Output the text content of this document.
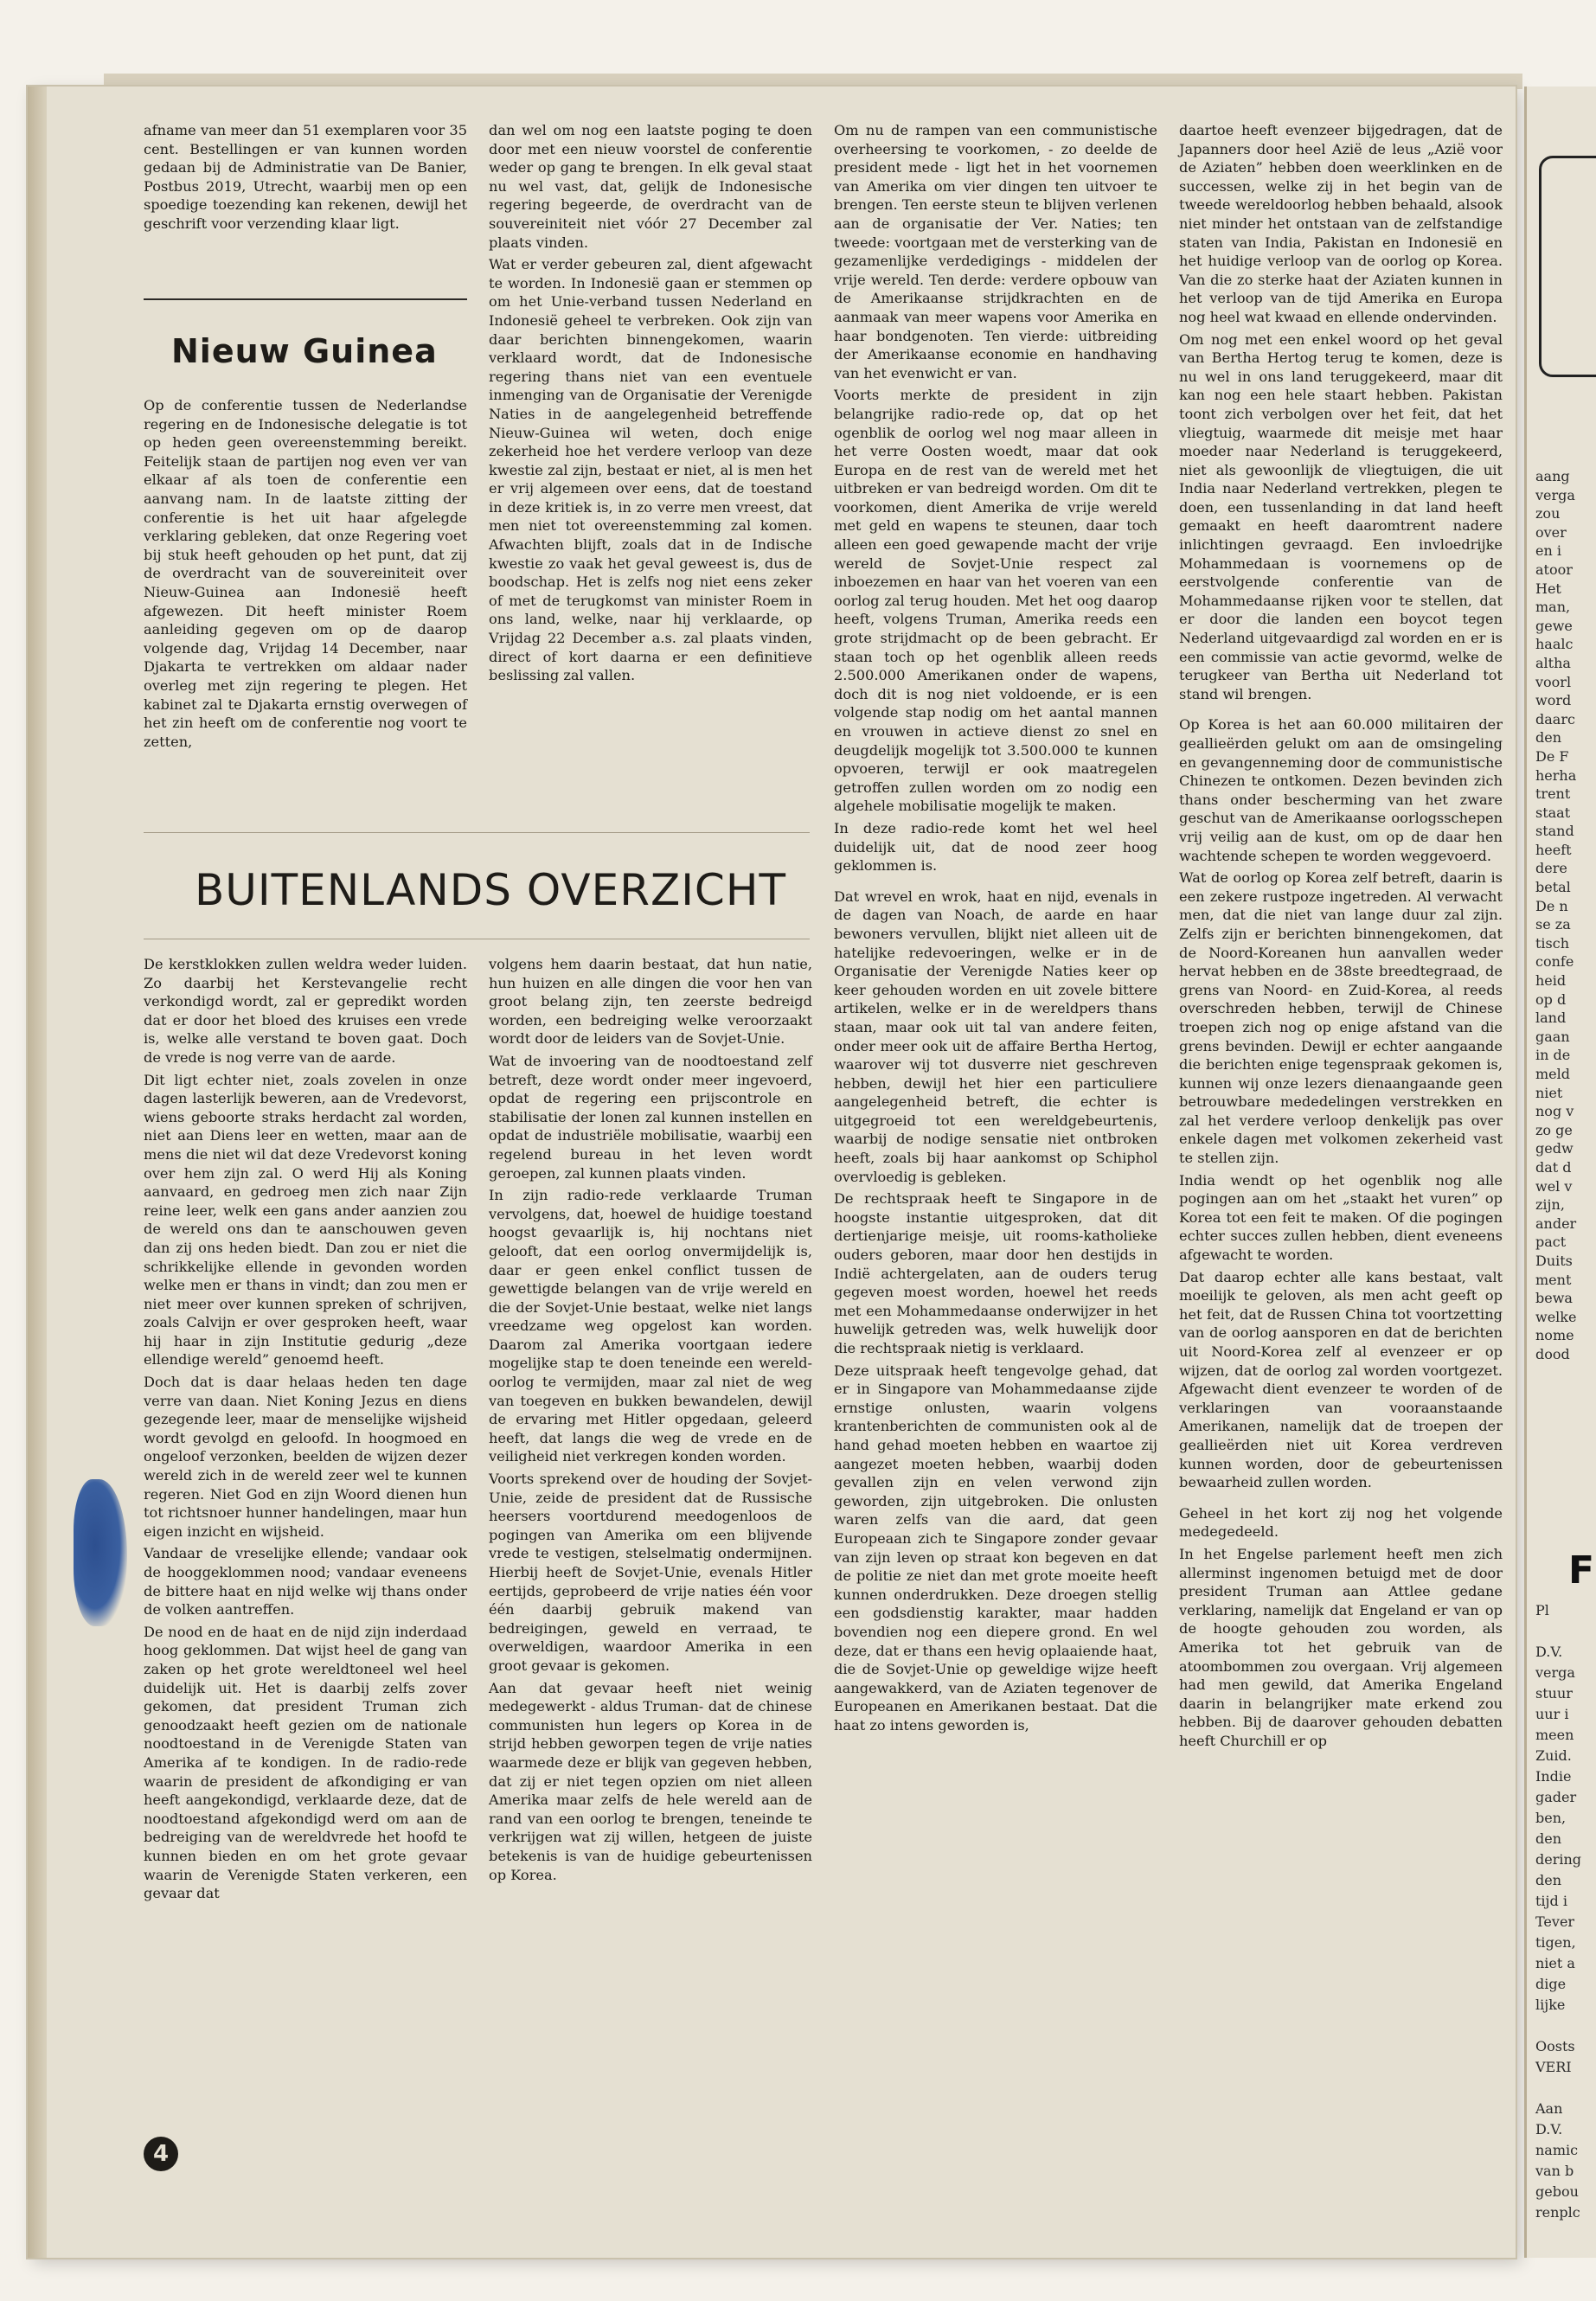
afname van meer dan 51 exemplaren voor 35 cent. Bestellingen er van kunnen worden gedaan bij de Administratie van De Banier, Postbus 2019, Utrecht, waarbij men op een spoedige toezending kan rekenen, dewijl het geschrift voor verzending klaar ligt.

Nieuw Guinea

Op de conferentie tussen de Nederlandse regering en de Indonesische delegatie is tot op heden geen overeenstemming bereikt. Feitelijk staan de partijen nog even ver van elkaar af als toen de conferentie een aanvang nam. In de laatste zitting der conferentie is het uit haar afgelegde verklaring gebleken, dat onze Regering voet bij stuk heeft gehouden op het punt, dat zij de overdracht van de souvereiniteit over Nieuw-Guinea aan Indonesië heeft afgewezen. Dit heeft minister Roem aanleiding gegeven om op de daarop volgende dag, Vrijdag 14 December, naar Djakarta te vertrekken om aldaar nader overleg met zijn regering te plegen. Het kabinet zal te Djakarta ernstig overwegen of het zin heeft om de conferentie nog voort te zetten,

dan wel om nog een laatste poging te doen door met een nieuw voorstel de conferentie weder op gang te brengen. In elk geval staat nu wel vast, dat, gelijk de Indonesische regering begeerde, de overdracht van de souvereiniteit niet vóór 27 December zal plaats vinden.

Wat er verder gebeuren zal, dient afgewacht te worden. In Indonesië gaan er stemmen op om het Unie-verband tussen Nederland en Indonesië geheel te verbreken. Ook zijn van daar berichten binnengekomen, waarin verklaard wordt, dat de Indonesische regering thans niet van een eventuele inmenging van de Organisatie der Verenigde Naties in de aangelegenheid betreffende Nieuw-Guinea wil weten, doch enige zekerheid hoe het verdere verloop van deze kwestie zal zijn, bestaat er niet, al is men het er vrij algemeen over eens, dat de toestand in deze kritiek is, in zo verre men vreest, dat men niet tot overeenstemming zal komen. Afwachten blijft, zoals dat in de Indische kwestie zo vaak het geval geweest is, dus de boodschap. Het is zelfs nog niet eens zeker of met de terugkomst van minister Roem in ons land, welke, naar hij verklaarde, op Vrijdag 22 December a.s. zal plaats vinden, direct of kort daarna er een definitieve beslissing zal vallen.

BUITENLANDS OVERZICHT

De kerstklokken zullen weldra weder luiden. Zo daarbij het Kerstevangelie recht verkondigd wordt, zal er gepredikt worden dat er door het bloed des kruises een vrede is, welke alle verstand te boven gaat. Doch de vrede is nog verre van de aarde.

Dit ligt echter niet, zoals zovelen in onze dagen lasterlijk beweren, aan de Vredevorst, wiens geboorte straks herdacht zal worden, niet aan Diens leer en wetten, maar aan de mens die niet wil dat deze Vredevorst koning over hem zijn zal. O werd Hij als Koning aanvaard, en gedroeg men zich naar Zijn reine leer, welk een gans ander aanzien zou de wereld ons dan te aanschouwen geven dan zij ons heden biedt. Dan zou er niet die schrikkelijke ellende in gevonden worden welke men er thans in vindt; dan zou men er niet meer over kunnen spreken of schrijven, zoals Calvijn er over gesproken heeft, waar hij haar in zijn Institutie gedurig „deze ellendige wereld” genoemd heeft.

Doch dat is daar helaas heden ten dage verre van daan. Niet Koning Jezus en diens gezegende leer, maar de menselijke wijsheid wordt gevolgd en geloofd. In hoogmoed en ongeloof verzonken, beelden de wijzen dezer wereld zich in de wereld zeer wel te kunnen regeren. Niet God en zijn Woord dienen hun tot richtsnoer hunner handelingen, maar hun eigen inzicht en wijsheid.

Vandaar de vreselijke ellende; vandaar ook de hooggeklommen nood; vandaar eveneens de bittere haat en nijd welke wij thans onder de volken aantreffen.

De nood en de haat en de nijd zijn inderdaad hoog geklommen. Dat wijst heel de gang van zaken op het grote wereldtoneel wel heel duidelijk uit. Het is daarbij zelfs zover gekomen, dat president Truman zich genoodzaakt heeft gezien om de nationale noodtoestand in de Verenigde Staten van Amerika af te kondigen. In de radio-rede waarin de president de afkondiging er van heeft aangekondigd, verklaarde deze, dat de noodtoestand afgekondigd werd om aan de bedreiging van de wereldvrede het hoofd te kunnen bieden en om het grote gevaar waarin de Verenigde Staten verkeren, een gevaar dat

volgens hem daarin bestaat, dat hun natie, hun huizen en alle dingen die voor hen van groot belang zijn, ten zeerste bedreigd worden, een bedreiging welke veroorzaakt wordt door de leiders van de Sovjet-Unie.

Wat de invoering van de noodtoestand zelf betreft, deze wordt onder meer ingevoerd, opdat de regering een prijscontrole en stabilisatie der lonen zal kunnen instellen en opdat de industriële mobilisatie, waarbij een regelend bureau in het leven wordt geroepen, zal kunnen plaats vinden.

In zijn radio-rede verklaarde Truman vervolgens, dat, hoewel de huidige toestand hoogst gevaarlijk is, hij nochtans niet gelooft, dat een oorlog onvermijdelijk is, daar er geen enkel conflict tussen de gewettigde belangen van de vrije wereld en die der Sovjet-Unie bestaat, welke niet langs vreedzame weg opgelost kan worden. Daarom zal Amerika voortgaan iedere mogelijke stap te doen teneinde een wereld-oorlog te vermijden, maar zal niet de weg van toegeven en bukken bewandelen, dewijl de ervaring met Hitler opgedaan, geleerd heeft, dat langs die weg de vrede en de veiligheid niet verkregen konden worden.

Voorts sprekend over de houding der Sovjet-Unie, zeide de president dat de Russische heersers voortdurend meedogenloos de pogingen van Amerika om een blijvende vrede te vestigen, stelselmatig ondermijnen. Hierbij heeft de Sovjet-Unie, evenals Hitler eertijds, geprobeerd de vrije naties één voor één daarbij gebruik makend van bedreigingen, geweld en verraad, te overweldigen, waardoor Amerika in een groot gevaar is gekomen.

Aan dat gevaar heeft niet weinig medegewerkt - aldus Truman- dat de chinese communisten hun legers op Korea in de strijd hebben geworpen tegen de vrije naties waarmede deze er blijk van gegeven hebben, dat zij er niet tegen opzien om niet alleen Amerika maar zelfs de hele wereld aan de rand van een oorlog te brengen, teneinde te verkrijgen wat zij willen, hetgeen de juiste betekenis is van de huidige gebeurtenissen op Korea.

Om nu de rampen van een communistische overheersing te voorkomen, - zo deelde de president mede - ligt het in het voornemen van Amerika om vier dingen ten uitvoer te brengen. Ten eerste steun te blijven verlenen aan de organisatie der Ver. Naties; ten tweede: voortgaan met de versterking van de gezamenlijke verdedigings - middelen der vrije wereld. Ten derde: verdere opbouw van de Amerikaanse strijdkrachten en de aanmaak van meer wapens voor Amerika en haar bondgenoten. Ten vierde: uitbreiding der Amerikaanse economie en handhaving van het evenwicht er van.

Voorts merkte de president in zijn belangrijke radio-rede op, dat op het ogenblik de oorlog wel nog maar alleen in het verre Oosten woedt, maar dat ook Europa en de rest van de wereld met het uitbreken er van bedreigd worden. Om dit te voorkomen, dient Amerika de vrije wereld met geld en wapens te steunen, daar toch alleen een goed gewapende macht der vrije wereld de Sovjet-Unie respect zal inboezemen en haar van het voeren van een oorlog zal terug houden. Met het oog daarop heeft, volgens Truman, Amerika reeds een grote strijdmacht op de been gebracht. Er staan toch op het ogenblik alleen reeds 2.500.000 Amerikanen onder de wapens, doch dit is nog niet voldoende, er is een volgende stap nodig om het aantal mannen en vrouwen in actieve dienst zo snel en deugdelijk mogelijk tot 3.500.000 te kunnen opvoeren, terwijl er ook maatregelen getroffen zullen worden om zo nodig een algehele mobilisatie mogelijk te maken.

In deze radio-rede komt het wel heel duidelijk uit, dat de nood zeer hoog geklommen is.

Dat wrevel en wrok, haat en nijd, evenals in de dagen van Noach, de aarde en haar bewoners vervullen, blijkt niet alleen uit de hatelijke redevoeringen, welke er in de Organisatie der Verenigde Naties keer op keer gehouden worden en uit zovele bittere artikelen, welke er in de wereldpers thans staan, maar ook uit tal van andere feiten, onder meer ook uit de affaire Bertha Hertog, waarover wij tot dusverre niet geschreven hebben, dewijl het hier een particuliere aangelegenheid betreft, die echter is uitgegroeid tot een wereldgebeurtenis, waarbij de nodige sensatie niet ontbroken heeft, zoals bij haar aankomst op Schiphol overvloedig is gebleken.

De rechtspraak heeft te Singapore in de hoogste instantie uitgesproken, dat dit dertienjarige meisje, uit rooms-katholieke ouders geboren, maar door hen destijds in Indië achtergelaten, aan de ouders terug gegeven moest worden, hoewel het reeds met een Mohammedaanse onderwijzer in het huwelijk getreden was, welk huwelijk door die rechtspraak nietig is verklaard.

Deze uitspraak heeft tengevolge gehad, dat er in Singapore van Mohammedaanse zijde ernstige onlusten, waarin volgens krantenberichten de communisten ook al de hand gehad moeten hebben en waartoe zij aangezet moeten hebben, waarbij doden gevallen zijn en velen verwond zijn geworden, zijn uitgebroken. Die onlusten waren zelfs van die aard, dat geen Europeaan zich te Singapore zonder gevaar van zijn leven op straat kon begeven en dat de politie ze niet dan met grote moeite heeft kunnen onderdrukken. Deze droegen stellig een godsdienstig karakter, maar hadden bovendien nog een diepere grond. En wel deze, dat er thans een hevig oplaaiende haat, die de Sovjet-Unie op geweldige wijze heeft aangewakkerd, van de Aziaten tegenover de Europeanen en Amerikanen bestaat. Dat die haat zo intens geworden is,

daartoe heeft evenzeer bijgedragen, dat de Japanners door heel Azië de leus „Azië voor de Aziaten” hebben doen weerklinken en de successen, welke zij in het begin van de tweede wereldoorlog hebben behaald, alsook niet minder het ontstaan van de zelfstandige staten van India, Pakistan en Indonesië en het huidige verloop van de oorlog op Korea. Van die zo sterke haat der Aziaten kunnen in het verloop van de tijd Amerika en Europa nog heel wat kwaad en ellende ondervinden.

Om nog met een enkel woord op het geval van Bertha Hertog terug te komen, deze is nu wel in ons land teruggekeerd, maar dit kan nog een hele staart hebben. Pakistan toont zich verbolgen over het feit, dat het vliegtuig, waarmede dit meisje met haar moeder naar Nederland is teruggekeerd, niet als gewoonlijk de vliegtuigen, die uit India naar Nederland vertrekken, plegen te doen, een tussenlanding in dat land heeft gemaakt en heeft daaromtrent nadere inlichtingen gevraagd. Een invloedrijke Mohammedaan is voornemens op de eerstvolgende conferentie van de Mohammedaanse rijken voor te stellen, dat er door die landen een boycot tegen Nederland uitgevaardigd zal worden en er is een commissie van actie gevormd, welke de terugkeer van Bertha uit Nederland tot stand wil brengen.

Op Korea is het aan 60.000 militairen der geallieërden gelukt om aan de omsingeling en gevangenneming door de communistische Chinezen te ontkomen. Dezen bevinden zich thans onder bescherming van het zware geschut van de Amerikaanse oorlogsschepen vrij veilig aan de kust, om op de daar hen wachtende schepen te worden weggevoerd.

Wat de oorlog op Korea zelf betreft, daarin is een zekere rustpoze ingetreden. Al verwacht men, dat die niet van lange duur zal zijn. Zelfs zijn er berichten binnengekomen, dat de Noord-Koreanen hun aanvallen weder hervat hebben en de 38ste breedtegraad, de grens van Noord- en Zuid-Korea, al reeds overschreden hebben, terwijl de Chinese troepen zich nog op enige afstand van die grens bevinden. Dewijl er echter aangaande die berichten enige tegenspraak gekomen is, kunnen wij onze lezers dienaangaande geen betrouwbare mededelingen verstrekken en zal het verdere verloop denkelijk pas over enkele dagen met volkomen zekerheid vast te stellen zijn.

India wendt op het ogenblik nog alle pogingen aan om het „staakt het vuren” op Korea tot een feit te maken. Of die pogingen echter succes zullen hebben, dient eveneens afgewacht te worden.

Dat daarop echter alle kans bestaat, valt moeilijk te geloven, als men acht geeft op het feit, dat de Russen China tot voortzetting van de oorlog aansporen en dat de berichten uit Noord-Korea zelf al evenzeer er op wijzen, dat de oorlog zal worden voortgezet. Afgewacht dient evenzeer te worden of de verklaringen van vooraanstaande Amerikanen, namelijk dat de troepen der geallieërden niet uit Korea verdreven kunnen worden, door de gebeurtenissen bewaarheid zullen worden.

Geheel in het kort zij nog het volgende medegedeeld.

In het Engelse parlement heeft men zich allerminst ingenomen betuigd met de door president Truman aan Attlee gedane verklaring, namelijk dat Engeland er van op de hoogte gehouden zou worden, als Amerika tot het gebruik van de atoombommen zou overgaan. Vrij algemeen had men gewild, dat Amerika Engeland daarin in belangrijker mate erkend zou hebben. Bij de daarover gehouden debatten heeft Churchill er op

4
aang
verga
zou
over
en i
atoor
Het
man,
gewe
haalc
altha
voorl
word
daarc
den
De F
herha
trent
staat
stand
heeft
dere
betal
De n
se za
tisch
confe
heid
op d
land
gaan
in de
meld
niet
nog v
zo ge
gedw
dat d
wel v
zijn,
ander
pact
Duits
ment
bewa
welke
nome
dood
F
Pl

D.V.
verga
stuur
uur i
meen
Zuid.
Indie
gader
ben,
den
dering
den
tijd i
Tever
tigen,
niet a
dige
lijke

Oosts
VERI

Aan
D.V.
namic
van b
gebou
renplc
